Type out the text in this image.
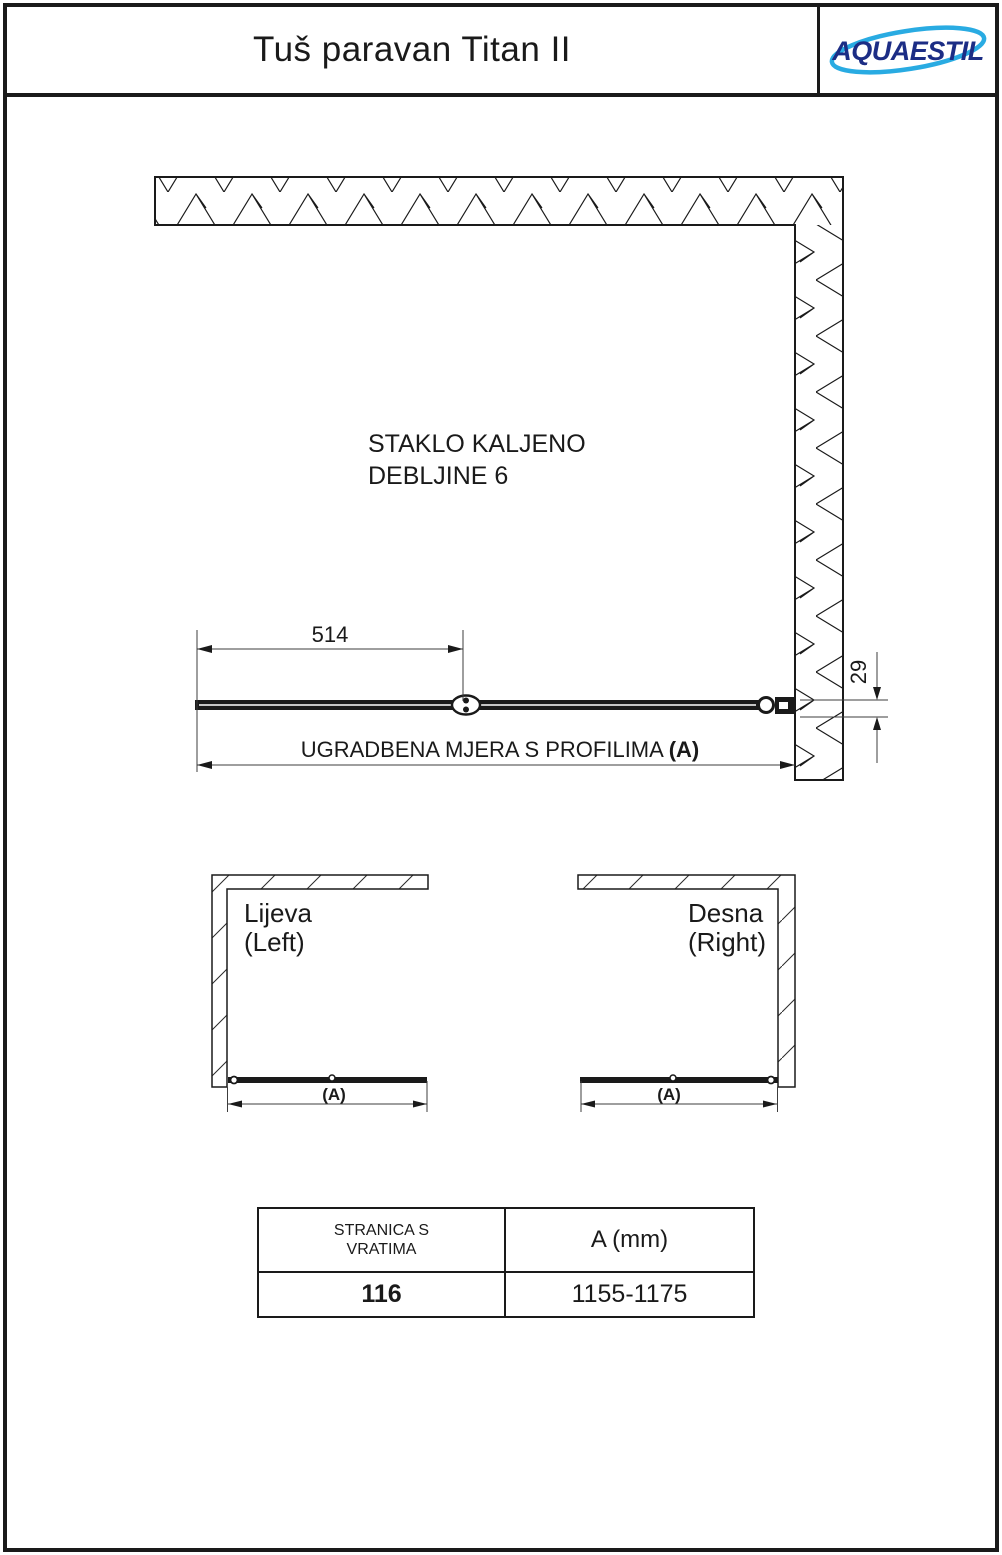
STAKLO KALJENO
DEBLJINE 6
514
29
UGRADBENA MJERA S PROFILIMA (A)
Lijeva
(Left)
(A)
Desna
(Right)
(A)
Tuš paravan Titan II	AQUAESTIL
STRANICA S
VRATIMA	A (mm)
116	1155-1175
